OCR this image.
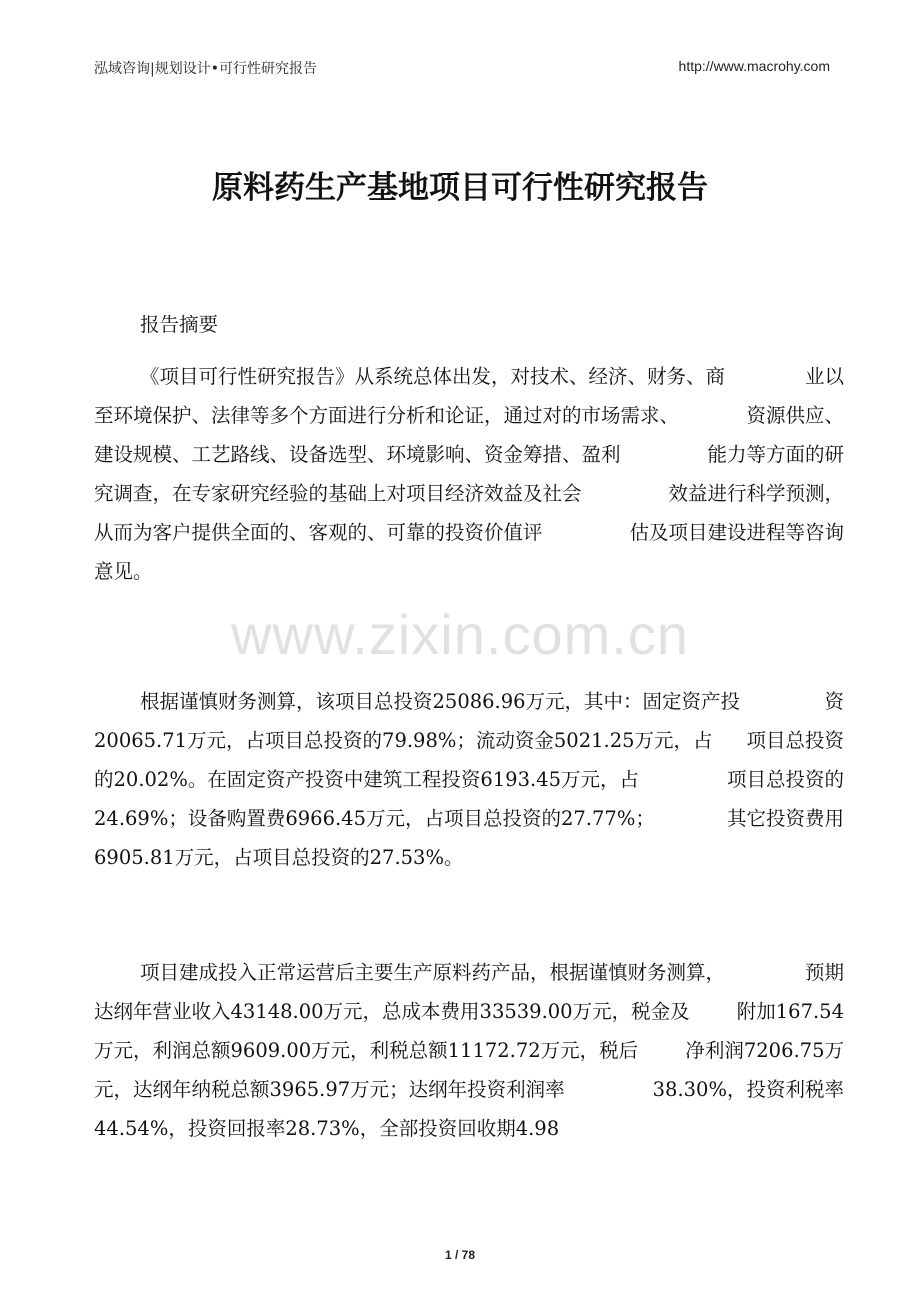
泓域咨询|规划设计•可行性研究报告	http://www.macrohy.com
原料药生产基地项目可行性研究报告
报告摘要
www.zixin.com.cn
《项目可行性研究报告》从系统总体出发，对技术、经济、财务、商	业以
至环境保护、法律等多个方面进行分析和论证，通过对的市场需求、	资源供应、
建设规模、工艺路线、设备选型、环境影响、资金筹措、盈利	能力等方面的研
究调查，在专家研究经验的基础上对项目经济效益及社会	效益进行科学预测，
从而为客户提供全面的、客观的、可靠的投资价值评	估及项目建设进程等咨询
意见。
根据谨慎财务测算，该项目总投资25086.96万元，其中：固定资产投	资
20065.71万元，占项目总投资的79.98%；流动资金5021.25万元，占 项目总投资
的20.02%。在固定资产投资中建筑工程投资6193.45万元，占	项目总投资的
24.69%；设备购置费6966.45万元，占项目总投资的27.77%；	其它投资费用
6905.81万元，占项目总投资的27.53%。
项目建成投入正常运营后主要生产原料药产品，根据谨慎财务测算，	预期
达纲年营业收入43148.00万元，总成本费用33539.00万元，税金及 附加167.54
万元，利润总额9609.00万元，利税总额11172.72万元，税后 净利润7206.75万
元，达纲年纳税总额3965.97万元；达纲年投资利润率	38.30%，投资利税率
44.54%，投资回报率28.73%，全部投资回收期4.98
1 / 78
